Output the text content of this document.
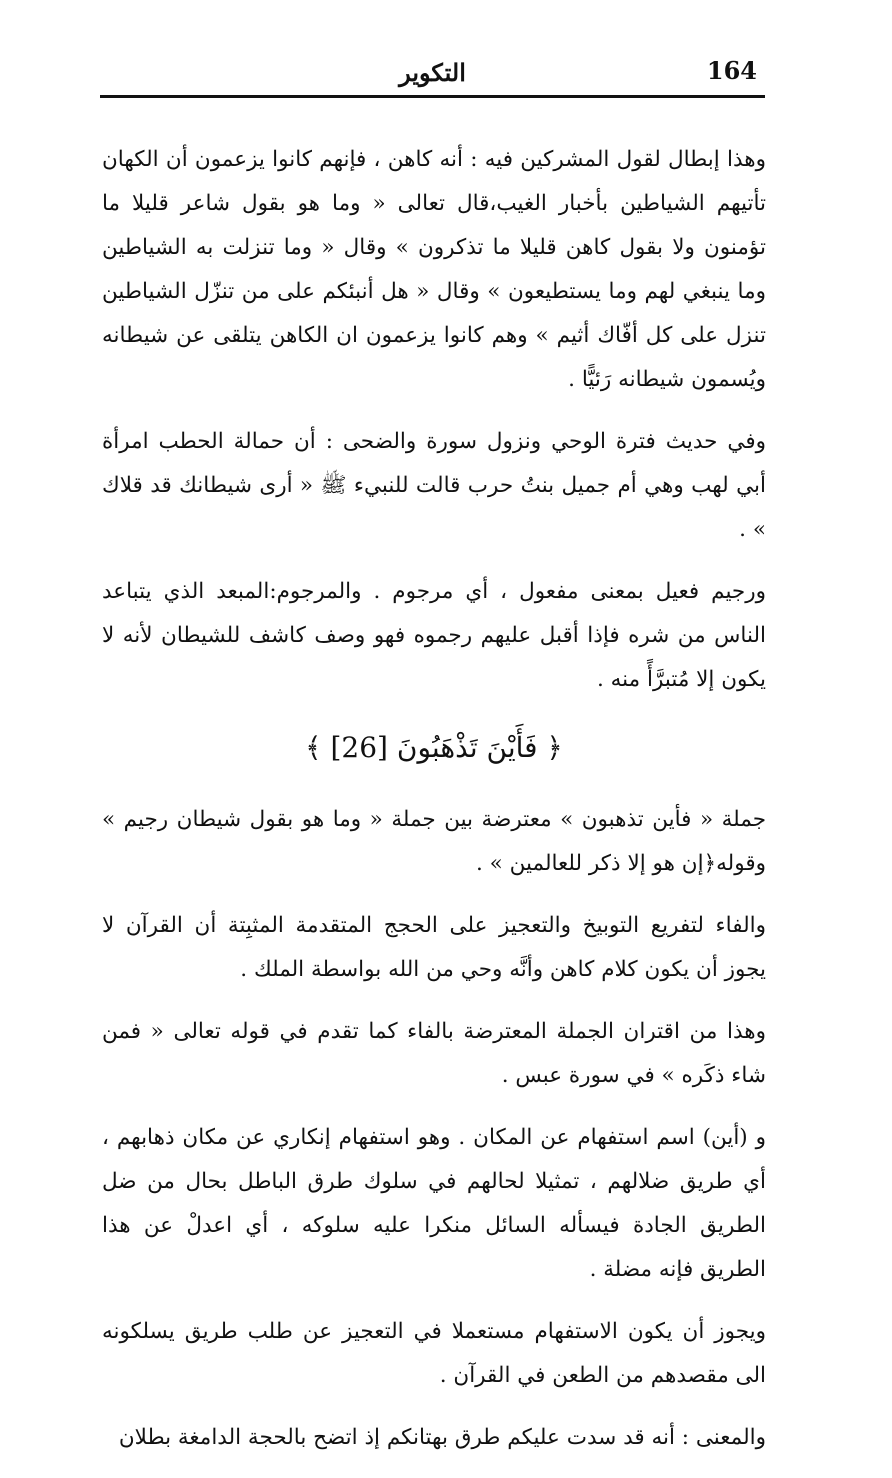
164
التكوير

وهذا إبطال لقول المشركين فيه : أنه كاهن ، فإنهم كانوا يزعمون أن الكهان تأتيهم الشياطين بأخبار الغيب،قال تعالى « وما هو بقول شاعر قليلا ما تؤمنون ولا بقول كاهن قليلا ما تذكرون » وقال « وما تنزلت به الشياطين وما ينبغي لهم وما يستطيعون » وقال « هل أنبئكم على من تنزّل الشياطين تنزل على كل أفّاك أثيم » وهم كانوا يزعمون ان الكاهن يتلقى عن شيطانه ويُسمون شيطانه رَئيًّا .

وفي حديث فترة الوحي ونزول سورة والضحى : أن حمالة الحطب امرأة أبي لهب وهي أم جميل بنتُ حرب قالت للنبيء ﷺ « أرى شيطانك قد قلاك » .

ورجيم فعيل بمعنى مفعول ، أي مرجوم . والمرجوم:المبعد الذي يتباعد الناس من شره فإذا أقبل عليهم رجموه فهو وصف كاشف للشيطان لأنه لا يكون إلا مُتبرَّأً منه .

﴿ فَأَيْنَ تَذْهَبُونَ [26] ﴾

جملة « فأين تذهبون » معترضة بين جملة « وما هو بقول شيطان رجيم » وقوله﴿إن هو إلا ذكر للعالمين » .

والفاء لتفريع التوبيخ والتعجيز على الحجج المتقدمة المثبِتة أن القرآن لا يجوز أن يكون كلام كاهن وأنَّه وحي من الله بواسطة الملك .

وهذا من اقتران الجملة المعترضة بالفاء كما تقدم في قوله تعالى « فمن شاء ذكَره » في سورة عبس .

و (أين) اسم استفهام عن المكان . وهو استفهام إنكاري عن مكان ذهابهم ، أي طريق ضلالهم ، تمثيلا لحالهم في سلوك طرق الباطل بحال من ضل الطريق الجادة فيسأله السائل منكرا عليه سلوكه ، أي اعدلْ عن هذا الطريق فإنه مضلة .

ويجوز أن يكون الاستفهام مستعملا في التعجيز عن طلب طريق يسلكونه الى مقصدهم من الطعن في القرآن .

والمعنى : أنه قد سدت عليكم طرق بهتانكم إذ اتضح بالحجة الدامغة بطلان
